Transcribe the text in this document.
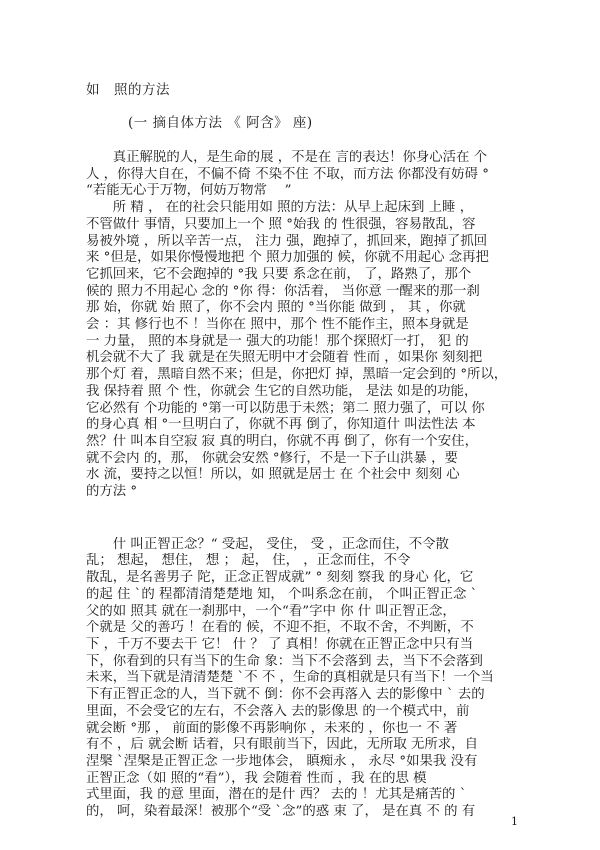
如　照的方法
(一 摘自体方法 《 阿含》 座)
　　真正解脱的人，是生命的展 ，不是在 言的表达！你身心活在 个
人 ，你得大自在，不偏不倚 不染不住 不取，而方法 你都没有妨碍 °
“若能无心于万物，何妨万物常 　”
　　所 精 ， 在的社会只能用如 照的方法：从早上起床到 上睡 ，
不管做什 事情，只要加上一个 照 °始我 的 性很强，容易散乱，容
易被外境 ，所以辛苦一点， 注力 强，跑掉了，抓回来，跑掉了抓回
来 °但是，如果你慢慢地把 个 照力加强的 候，你就不用起心 念再把
它抓回来，它不会跑掉的 °我 只要 系念在前， 了，路熟了，那个
候的 照力不用起心 念的 °你 得：你活着， 当你意 一醒来的那一刹
那 始，你就 始 照了，你不会内 照的 °当你能 做到 ， 其 ，你就
会 ：其 修行也不 ！当你在 照中，那个 性不能作主，照本身就是
一 力量， 照的本身就是一 强大的功能！那个探照灯一打， 犯 的
机会就不大了 我 就是在失照无明中才会随着 性而 ，如果你 刻刻把
那个灯 着，黑暗自然不来；但是，你把灯 掉，黑暗一定会到的 °所以，
我 保持着 照 个 性，你就会 生它的自然功能， 是法 如是的功能，
它必然有 个功能的 °第一可以防患于未然；第二 照力强了，可以 你
的身心真 相 °一旦明白了，你就不再 倒了，你知道什 叫法性法 本
然？什 叫本自空寂 寂 真的明白，你就不再 倒了，你有一个安住，
就不会内 的，那， 你就会安然 °修行，不是一下子山洪暴 ，要
水 流，要持之以恒！所以，如 照就是居士 在 个社会中 刻刻 心
的方法 °
　　什 叫正智正念？“ 受起， 受住， 受 ，正念而住，不令散
乱； 想起， 想住， 想 ； 起， 住， ，正念而住，不令
散乱，是名善男子 陀，正念正智成就” ° 刻刻 察我 的身心 化，它
的起 住 `的 程都清清楚楚地 知， 个叫系念在前， 个叫正智正念 `
父的如 照其 就在一刹那中，一个“看”字中 你 什 叫正智正念，
个就是 父的善巧 ！在看的 候，不迎不拒，不取不舍，不判断，不
下 ，千万不要去干 它！ 什 ？ 了 真相！你就在正智正念中只有当
下，你看到的只有当下的生命 象：当下不会落到 去，当下不会落到
未来，当下就是清清楚楚 `不 不 ，生命的真相就是只有当下！一个当
下有正智正念的人，当下就不 倒：你不会再落入 去的影像中 ` 去的
里面，不会受它的左右，不会落入 去的影像思 的一个模式中，前
就会断 °那 ， 前面的影像不再影响你 ，未来的 ，你也一 不 著
有不 ，后 就会断 话着，只有眼前当下，因此，无所取 无所求，自
涅槃 `涅槃是正智正念 一步地体会， 瞋痴永 ， 永尽 °如果我 没有
正智正念（如 照的“看”），我 会随着 性而 ，我 在的思 模
式里面，我 的意 里面，潜在的是什 西？ 去的 ！尤其是痛苦的 `
的， 呵，染着最深！被那个“受 `念”的惑 束 了， 是在真 不 的 有
1
